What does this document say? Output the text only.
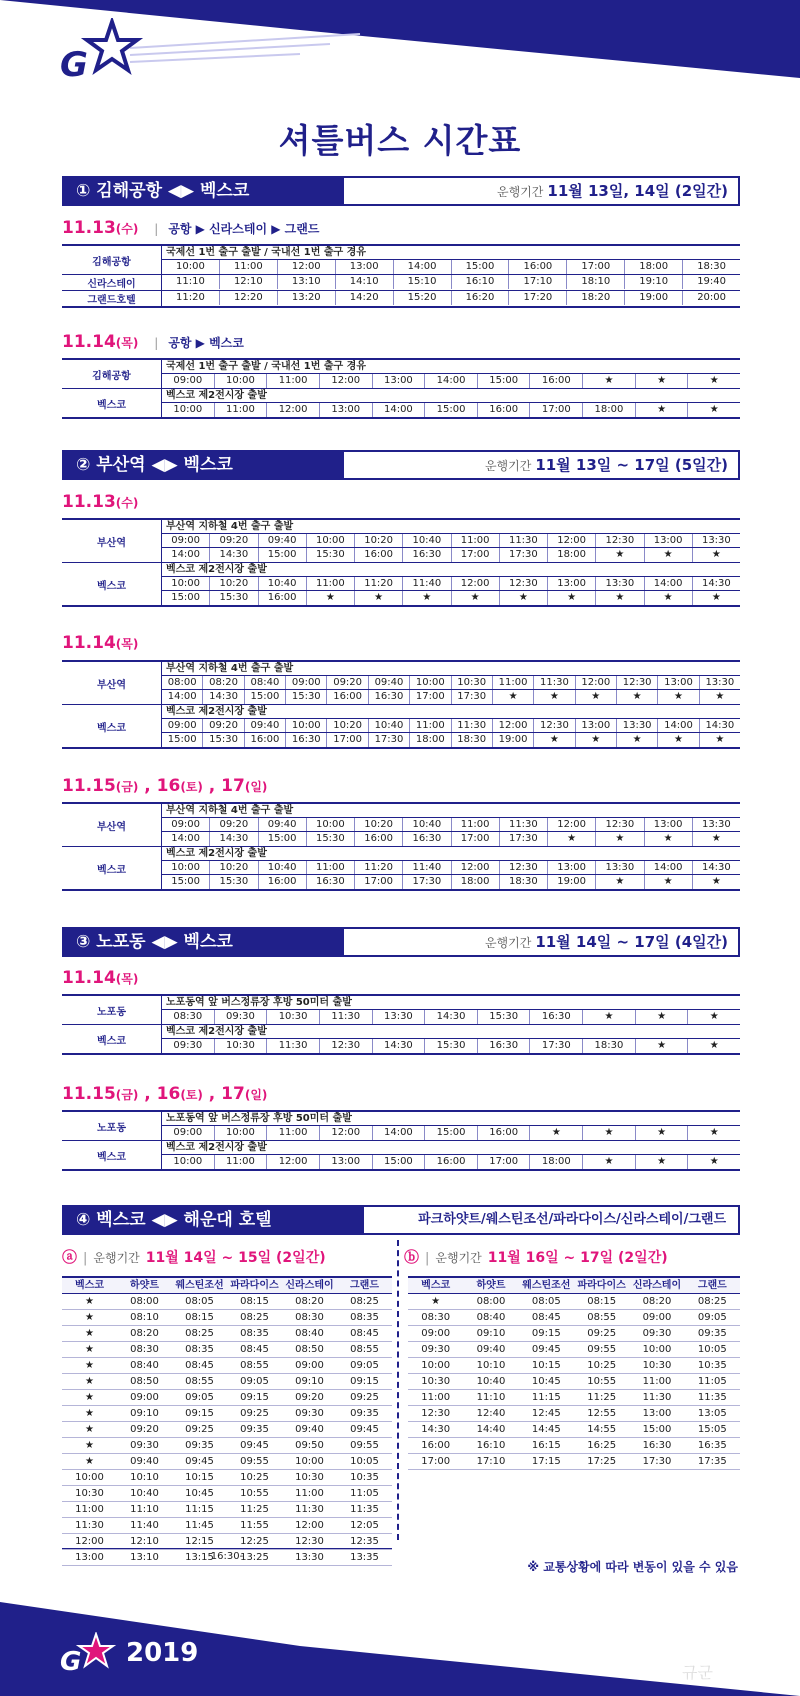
G
셔틀버스 시간표
① 김해공항 ◀▶ 벡스코	운행기간 11월 13일, 14일 (2일간)
11.13(수) | 공항 ▶ 신라스테이 ▶ 그랜드
김해공항
국제선 1번 출구 출발 / 국내선 1번 출구 경유
10:00	11:00	12:00	13:00	14:00	15:00	16:00	17:00	18:00	18:30
신라스테이	11:10	12:10	13:10	14:10	15:10	16:10	17:10	18:10	19:10	19:40
그랜드호텔	11:20	12:20	13:20	14:20	15:20	16:20	17:20	18:20	19:00	20:00
11.14(목) | 공항 ▶ 벡스코
김해공항
국제선 1번 출구 출발 / 국내선 1번 출구 경유
09:00	10:00	11:00	12:00	13:00	14:00	15:00	16:00	★	★	★
벡스코
벡스코 제2전시장 출발
10:00	11:00	12:00	13:00	14:00	15:00	16:00	17:00	18:00	★	★
② 부산역 ◀▶ 벡스코	운행기간 11월 13일 ~ 17일 (5일간)
11.13(수)
부산역
부산역 지하철 4번 출구 출발
09:00	09:20	09:40	10:00	10:20	10:40	11:00	11:30	12:00	12:30	13:00	13:30
14:00	14:30	15:00	15:30	16:00	16:30	17:00	17:30	18:00	★	★	★
벡스코
벡스코 제2전시장 출발
10:00	10:20	10:40	11:00	11:20	11:40	12:00	12:30	13:00	13:30	14:00	14:30
15:00	15:30	16:00	★	★	★	★	★	★	★	★	★
11.14(목)
부산역
부산역 지하철 4번 출구 출발
08:00	08:20	08:40	09:00	09:20	09:40	10:00	10:30	11:00	11:30	12:00	12:30	13:00	13:30
14:00	14:30	15:00	15:30	16:00	16:30	17:00	17:30	★	★	★	★	★	★
벡스코
벡스코 제2전시장 출발
09:00	09:20	09:40	10:00	10:20	10:40	11:00	11:30	12:00	12:30	13:00	13:30	14:00	14:30
15:00	15:30	16:00	16:30	17:00	17:30	18:00	18:30	19:00	★	★	★	★	★
11.15(금) , 16(토) , 17(일)
부산역
부산역 지하철 4번 출구 출발
09:00	09:20	09:40	10:00	10:20	10:40	11:00	11:30	12:00	12:30	13:00	13:30
14:00	14:30	15:00	15:30	16:00	16:30	17:00	17:30	★	★	★	★
벡스코
벡스코 제2전시장 출발
10:00	10:20	10:40	11:00	11:20	11:40	12:00	12:30	13:00	13:30	14:00	14:30
15:00	15:30	16:00	16:30	17:00	17:30	18:00	18:30	19:00	★	★	★
③ 노포동 ◀▶ 벡스코	운행기간 11월 14일 ~ 17일 (4일간)
11.14(목)
노포동
노포동역 앞 버스정류장 후방 50미터 출발
08:30	09:30	10:30	11:30	13:30	14:30	15:30	16:30	★	★	★
벡스코
벡스코 제2전시장 출발
09:30	10:30	11:30	12:30	14:30	15:30	16:30	17:30	18:30	★	★
11.15(금) , 16(토) , 17(일)
노포동
노포동역 앞 버스정류장 후방 50미터 출발
09:00	10:00	11:00	12:00	14:00	15:00	16:00	★	★	★	★
벡스코
벡스코 제2전시장 출발
10:00	11:00	12:00	13:00	15:00	16:00	17:00	18:00	★	★	★
④ 벡스코 ◀▶ 해운대 호텔	파크하얏트/웨스틴조선/파라다이스/신라스테이/그랜드
ⓐ | 운행기간 11월 14일 ~ 15일 (2일간)
벡스코	하얏트	웨스틴조선 파라다이스 신라스테이	그랜드
★	08:00	08:05	08:15	08:20	08:25
★	08:10	08:15	08:25	08:30	08:35
★	08:20	08:25	08:35	08:40	08:45
★	08:30	08:35	08:45	08:50	08:55
★	08:40	08:45	08:55	09:00	09:05
★	08:50	08:55	09:05	09:10	09:15
★	09:00	09:05	09:15	09:20	09:25
★	09:10	09:15	09:25	09:30	09:35
★	09:20	09:25	09:35	09:40	09:45
★	09:30	09:35	09:45	09:50	09:55
★	09:40	09:45	09:55	10:00	10:05
10:00	10:10	10:15	10:25	10:30	10:35
10:30	10:40	10:45	10:55	11:00	11:05
11:00	11:10	11:15	11:25	11:30	11:35
11:30	11:40	11:45	11:55	12:00	12:05
12:00	12:10	12:15	12:25	12:30	12:35
13:00	13:10	13:15	13:25	13:30	13:35
16:30-
ⓑ | 운행기간 11월 16일 ~ 17일 (2일간)
벡스코	하얏트	웨스틴조선 파라다이스 신라스테이	그랜드
★	08:00	08:05	08:15	08:20	08:25
08:30	08:40	08:45	08:55	09:00	09:05
09:00	09:10	09:15	09:25	09:30	09:35
09:30	09:40	09:45	09:55	10:00	10:05
10:00	10:10	10:15	10:25	10:30	10:35
10:30	10:40	10:45	10:55	11:00	11:05
11:00	11:10	11:15	11:25	11:30	11:35
12:30	12:40	12:45	12:55	13:00	13:05
14:30	14:40	14:45	14:55	15:00	15:05
16:00	16:10	16:15	16:25	16:30	16:35
17:00	17:10	17:15	17:25	17:30	17:35
※ 교통상황에 따라 변동이 있을 수 있음
G 2019
규군
